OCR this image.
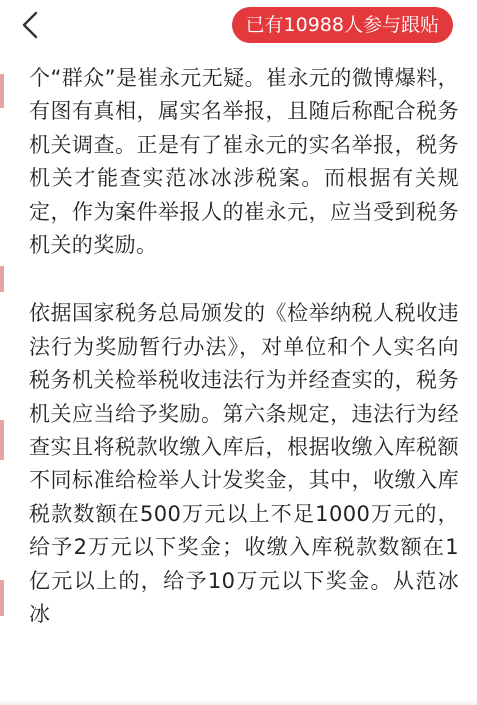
已有10988人参与跟贴

个“群众”是崔永元无疑。崔永元的微博爆料，有图有真相，属实名举报，且随后称配合税务机关调查。正是有了崔永元的实名举报，税务机关才能查实范冰冰涉税案。而根据有关规定，作为案件举报人的崔永元，应当受到税务机关的奖励。

依据国家税务总局颁发的《检举纳税人税收违法行为奖励暂行办法》，对单位和个人实名向税务机关检举税收违法行为并经查实的，税务机关应当给予奖励。第六条规定，违法行为经查实且将税款收缴入库后，根据收缴入库税额不同标准给检举人计发奖金，其中，收缴入库税款数额在500万元以上不足1000万元的，给予2万元以下奖金；收缴入库税款数额在1亿元以上的，给予10万元以下奖金。从范冰冰
